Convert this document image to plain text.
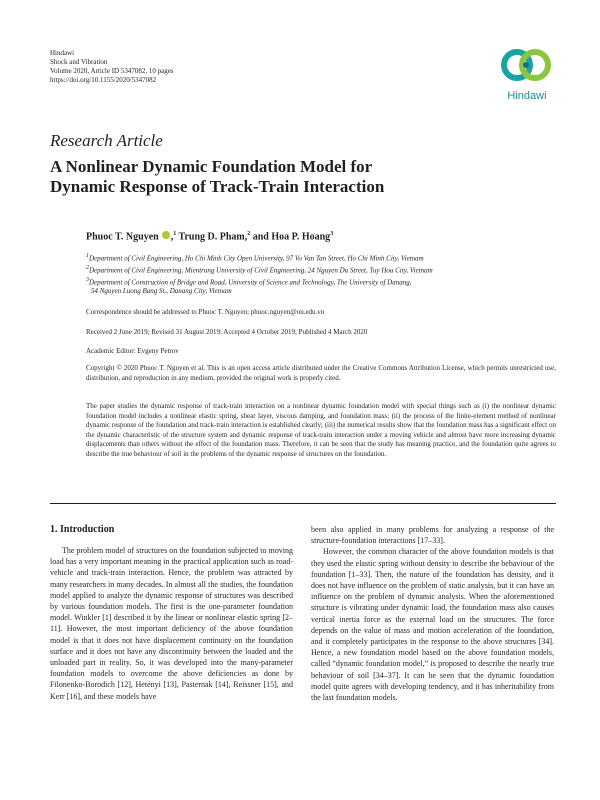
Hindawi
Shock and Vibration
Volume 2020, Article ID 5347082, 10 pages
https://doi.org/10.1155/2020/5347082
Hindawi
Research Article
A Nonlinear Dynamic Foundation Model for
Dynamic Response of Track-Train Interaction
Phuoc T. Nguyen ,$^1$ Trung D. Pham,$^2$ and Hoa P. Hoang$^3$
$^1$Department of Civil Engineering, Ho Chi Minh City Open University, 97 Vo Van Tan Street, Ho Chi Minh City, Vietnam
$^2$Department of Civil Engineering, Mientrung University of Civil Engineering, 24 Nguyen Du Street, Tuy Hoa City, Vietnam
$^3$Department of Construction of Bridge and Road, University of Science and Technology, The University of Danang,
54 Nguyen Luong Bang St., Danang City, Vietnam
Correspondence should be addressed to Phuoc T. Nguyen; phuoc.nguyen@ou.edu.vn
Received 2 June 2019; Revised 31 August 2019; Accepted 4 October 2019; Published 4 March 2020
Academic Editor: Evgeny Petrov
Copyright © 2020 Phuoc T. Nguyen et al. This is an open access article distributed under the Creative Commons Attribution License, which permits unrestricted use, distribution, and reproduction in any medium, provided the original work is properly cited.
The paper studies the dynamic response of track-train interaction on a nonlinear dynamic foundation model with special things such as (i) the nonlinear dynamic foundation model includes a nonlinear elastic spring, shear layer, viscous damping, and foundation mass; (ii) the process of the finite-element method of nonlinear dynamic response of the foundation and track-train interaction is established clearly; (iii) the numerical results show that the foundation mass has a significant effect on the dynamic characteristic of the structure system and dynamic response of track-train interaction under a moving vehicle and almost have more increasing dynamic displacements than others without the effect of the foundation mass. Therefore, it can be seen that the study has meaning practice, and the foundation quite agrees to describe the true behaviour of soil in the problems of the dynamic response of structures on the foundation.
1. Introduction

The problem model of structures on the foundation subjected to moving load has a very important meaning in the practical application such as road-vehicle and track-train interaction. Hence, the problem was attracted by many researchers in many decades. In almost all the studies, the foundation model applied to analyze the dynamic response of structures was described by various foundation models. The first is the one-parameter foundation model. Winkler [1] described it by the linear or nonlinear elastic spring [2–11]. However, the most important deficiency of the above foundation model is that it does not have displacement continuity on the foundation surface and it does not have any discontinuity between the loaded and the unloaded part in reality. So, it was developed into the many-parameter foundation models to overcome the above deficiencies as done by Filonenko-Borodich [12], Hetényi [13], Pasternak [14], Reissner [15], and Kerr [16], and these models have

been also applied in many problems for analyzing a response of the structure-foundation interactions [17–33].

However, the common character of the above foundation models is that they used the elastic spring without density to describe the behaviour of the foundation [1–33]. Then, the nature of the foundation has density, and it does not have influence on the problem of static analysis, but it can have an influence on the problem of dynamic analysis. When the aforementioned structure is vibrating under dynamic load, the foundation mass also causes vertical inertia force as the external load on the structures. The force depends on the value of mass and motion acceleration of the foundation, and it completely participates in the response to the above structures [34]. Hence, a new foundation model based on the above foundation models, called “dynamic foundation model,” is proposed to describe the nearly true behaviour of soil [34–37]. It can be seen that the dynamic foundation model quite agrees with developing tendency, and it has inheritability from the last foundation models.
